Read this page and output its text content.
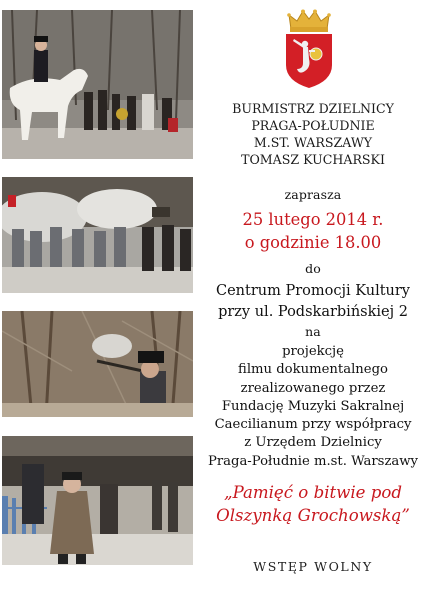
BURMISTRZ DZIELNICY
PRAGA-POŁUDNIE
M.ST. WARSZAWY
TOMASZ KUCHARSKI
zaprasza
25 lutego 2014 r.
o godzinie 18.00
do
Centrum Promocji Kultury
przy ul. Podskarbińskiej 2
na
projekcję
filmu dokumentalnego
zrealizowanego przez
Fundację Muzyki Sakralnej
Caecilianum przy współpracy
z Urzędem Dzielnicy
Praga-Południe m.st. Warszawy
„Pamięć o bitwie pod
Olszynką Grochowską”
WSTĘP WOLNY
